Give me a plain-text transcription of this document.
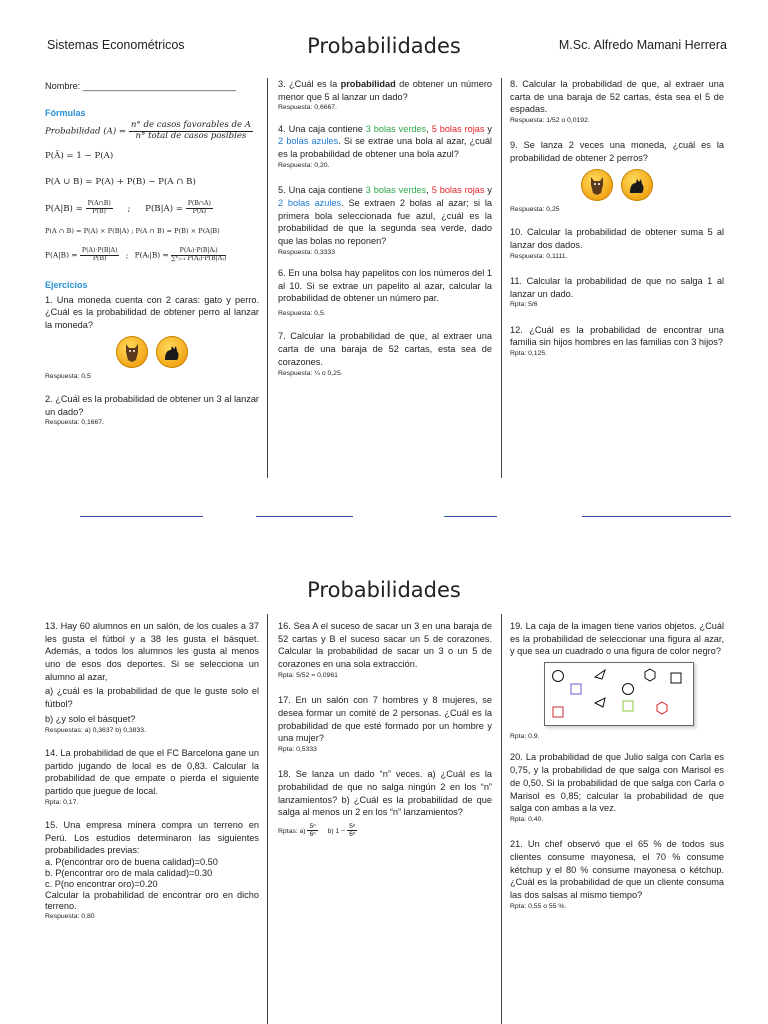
Sistemas Econométricos	Probabilidades	M.Sc. Alfredo Mamani Herrera

Nombre: ______________________________

Fórmulas

Probabilidad $(A) = \frac{\text{n° de casos favorables de A}}{\text{n° total de casos posibles}}$

P(Ā) = 1 − P(A)

P(A ∪ B) = P(A) + P(B) − P(A ∩ B)

$P(A|B) = \frac{P(A\cap B)}{P(B)}$ ; $P(B|A) = \frac{P(B\cap A)}{P(A)}$

P(A ∩ B) = P(A) × P(B|A) ; P(A ∩ B) = P(B) × P(A|B)

$P(A|B) = \frac{P(A)\cdot P(B|A)}{P(B)}$ ; P(Aᵢ|B) = $\frac{\text{P(Aᵢ)·P(B|Aᵢ)}}{\text{∑ⁿⱼ₌₁ P(Aⱼ)·P(B|Aⱼ)}}$

Ejercicios

1. Una moneda cuenta con 2 caras: gato y perro. ¿Cuál es la probabilidad de obtener perro al lanzar la moneda?

Respuesta: 0,5

2. ¿Cuál es la probabilidad de obtener un 3 al lanzar un dado?

Respuesta: 0,1667.

3. ¿Cuál es la probabilidad de obtener un número menor que 5 al lanzar un dado?

Respuesta: 0,6667.

4. Una caja contiene 3 bolas verdes, 5 bolas rojas y 2 bolas azules. Si se extrae una bola al azar, ¿cuál es la probabilidad de obtener una bola azul?

Respuesta: 0,20.

5. Una caja contiene 3 bolas verdes, 5 bolas rojas y 2 bolas azules. Se extraen 2 bolas al azar; si la primera bola seleccionada fue azul, ¿cuál es la probabilidad de que la segunda sea verde, dado que las bolas no reponen?

Respuesta: 0,3333

6. En una bolsa hay papelitos con los números del 1 al 10. Si se extrae un papelito al azar, calcular la probabilidad de obtener un número par.

Respuesta: 0,5.

7. Calcular la probabilidad de que, al extraer una carta de una baraja de 52 cartas, esta sea de corazones.

Respuesta: ¼ o 0,25.

8. Calcular la probabilidad de que, al extraer una carta de una baraja de 52 cartas, ésta sea el 5 de espadas.

Respuesta: 1/52 o 0,0192.

9. Se lanza 2 veces una moneda, ¿cuál es la probabilidad de obtener 2 perros?

Respuesta: 0,25

10. Calcular la probabilidad de obtener suma 5 al lanzar dos dados.

Respuesta: 0,1111.

11. Calcular la probabilidad de que no salga 1 al lanzar un dado.

Rpta: 5/6

12. ¿Cuál es la probabilidad de encontrar una familia sin hijos hombres en las familias con 3 hijos?

Rpta: 0,125.

Probabilidades

13. Hay 60 alumnos en un salón, de los cuales a 37 les gusta el fútbol y a 38 les gusta el básquet. Además, a todos los alumnos les gusta al menos uno de esos dos deportes. Si se selecciona un alumno al azar,

a) ¿cuál es la probabilidad de que le guste solo el fútbol?

b) ¿y solo el básquet?

Respuestas: a) 0,3637 b) 0,3833.

14. La probabilidad de que el FC Barcelona gane un partido jugando de local es de 0,83. Calcular la probabilidad de que empate o pierda el siguiente partido que juegue de local.

Rpta: 0,17.

15. Una empresa minera compra un terreno en Perú. Los estudios determinaron las siguientes probabilidades previas:

a. P(encontrar oro de buena calidad)=0.50

b. P(encontrar oro de mala calidad)=0.30

c. P(no encontrar oro)=0.20

Calcular la probabilidad de encontrar oro en dicho terreno.

Respuesta: 0,80

16. Sea A el suceso de sacar un 3 en una baraja de 52 cartas y B el suceso sacar un 5 de corazones. Calcular la probabilidad de sacar un 3 o un 5 de corazones en una sola extracción.

Rpta: 5/52 = 0,0961

17. En un salón con 7 hombres y 8 mujeres, se desea formar un comité de 2 personas. ¿Cuál es la probabilidad de que esté formado por un hombre y una mujer?

Rpta: 0,5333

18. Se lanza un dado “n” veces. a) ¿Cuál es la probabilidad de que no salga ningún 2 en los “n” lanzamientos? b) ¿Cuál es la probabilidad de que salga al menos un 2 en los “n” lanzamientos?

Rptas: $a) \frac{\text{5ⁿ}}{\text{6ⁿ}} b$) $1 - \frac{\text{5ⁿ}}{\text{6ⁿ}}$

19. La caja de la imagen tiene varios objetos. ¿Cuál es la probabilidad de seleccionar una figura al azar, y que sea un cuadrado o una figura de color negro?

Rpta: 0,9.

20. La probabilidad de que Julio salga con Carla es 0,75, y la probabilidad de que salga con Marisol es de 0,50. Si la probabilidad de que salga con Carla o Marisol es 0,85; calcular la probabilidad de que salga con ambas a la vez.

Rpta: 0,40.

21. Un chef observó que el 65 % de todos sus clientes consume mayonesa, el 70 % consume kétchup y el 80 % consume mayonesa o kétchup. ¿Cuál es la probabilidad de que un cliente consuma las dos salsas al mismo tiempo?

Rpta: 0,55 o 55 %.
